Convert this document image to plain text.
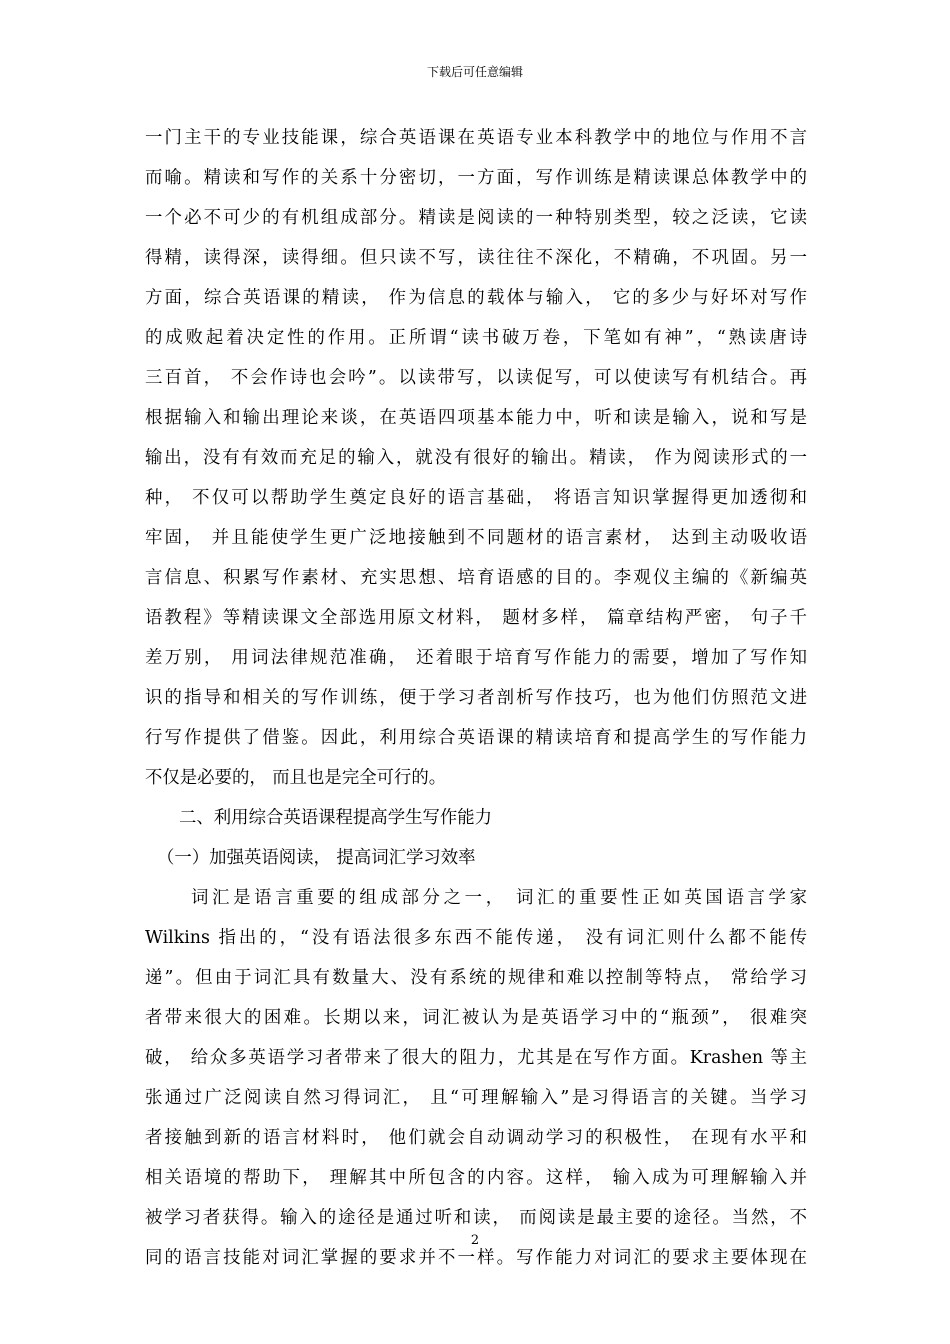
下载后可任意编辑
一门主干的专业技能课，综合英语课在英语专业本科教学中的地位与作用不言
而喻。精读和写作的关系十分密切，一方面，写作训练是精读课总体教学中的
一个必不可少的有机组成部分。精读是阅读的一种特别类型，较之泛读，它读
得精，读得深，读得细。但只读不写，读往往不深化，不精确，不巩固。另一
方面，综合英语课的精读， 作为信息的载体与输入， 它的多少与好坏对写作
的成败起着决定性的作用。正所谓“读书破万卷，下笔如有神”，“熟读唐诗
三百首， 不会作诗也会吟”。以读带写，以读促写，可以使读写有机结合。再
根据输入和输出理论来谈，在英语四项基本能力中，听和读是输入，说和写是
输出，没有有效而充足的输入，就没有很好的输出。精读， 作为阅读形式的一
种， 不仅可以帮助学生奠定良好的语言基础， 将语言知识掌握得更加透彻和
牢固， 并且能使学生更广泛地接触到不同题材的语言素材， 达到主动吸收语
言信息、积累写作素材、充实思想、培育语感的目的。李观仪主编的《新编英
语教程》等精读课文全部选用原文材料， 题材多样， 篇章结构严密， 句子千
差万别， 用词法律规范准确， 还着眼于培育写作能力的需要，增加了写作知
识的指导和相关的写作训练，便于学习者剖析写作技巧，也为他们仿照范文进
行写作提供了借鉴。因此，利用综合英语课的精读培育和提高学生的写作能力
不仅是必要的， 而且也是完全可行的。
二、利用综合英语课程提高学生写作能力
（一）加强英语阅读， 提高词汇学习效率
词汇是语言重要的组成部分之一， 词汇的重要性正如英国语言学家
Wilkins 指出的，“没有语法很多东西不能传递， 没有词汇则什么都不能传
递”。但由于词汇具有数量大、没有系统的规律和难以控制等特点， 常给学习
者带来很大的困难。长期以来，词汇被认为是英语学习中的“瓶颈”， 很难突
破， 给众多英语学习者带来了很大的阻力，尤其是在写作方面。Krashen 等主
张通过广泛阅读自然习得词汇， 且“可理解输入”是习得语言的关键。当学习
者接触到新的语言材料时， 他们就会自动调动学习的积极性， 在现有水平和
相关语境的帮助下， 理解其中所包含的内容。这样， 输入成为可理解输入并
被学习者获得。输入的途径是通过听和读， 而阅读是最主要的途径。当然，不
同的语言技能对词汇掌握的要求并不一样。写作能力对词汇的要求主要体现在
2
